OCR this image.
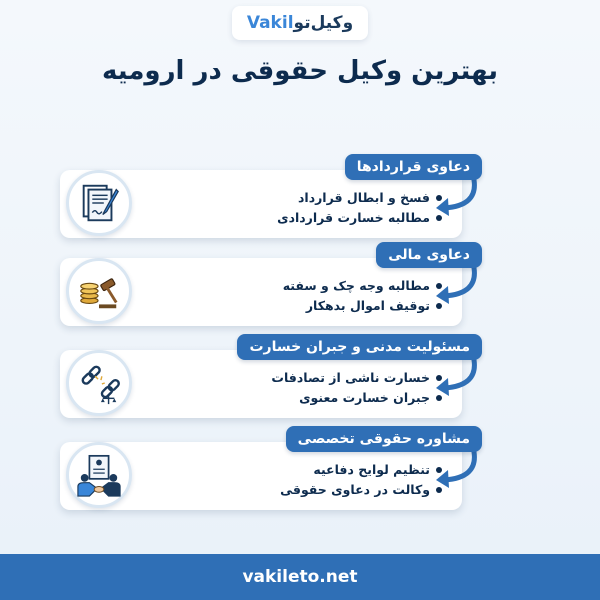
وکیل‌تو
Vakil
بهترین وکیل حقوقی در ارومیه
دعاوی قراردادها
فسخ و ابطال قرارداد
مطالبه خسارت قراردادی
دعاوی مالی
مطالبه وجه چک و سفته
توقیف اموال بدهکار
مسئولیت مدنی و جبران خسارت
خسارت ناشی از تصادفات
جبران خسارت معنوی
مشاوره حقوقی تخصصی
تنظیم لوایح دفاعیه
وکالت در دعاوی حقوقی
vakileto.net
